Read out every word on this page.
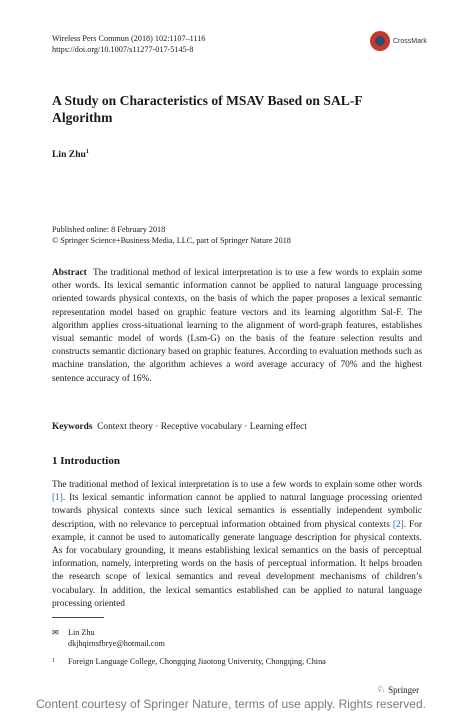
Wireless Pers Commun (2018) 102:1107–1116
https://doi.org/10.1007/s11277-017-5145-8
CrossMark
A Study on Characteristics of MSAV Based on SAL-F Algorithm
Lin Zhu$^1$
Published online: 8 February 2018
© Springer Science+Business Media, LLC, part of Springer Nature 2018
Abstract The traditional method of lexical interpretation is to use a few words to explain some other words. Its lexical semantic information cannot be applied to natural language processing oriented towards physical contexts, on the basis of which the paper proposes a lexical semantic representation model based on graphic feature vectors and its learning algorithm Sal-F. The algorithm applies cross-situational learning to the alignment of word-graph features, establishes visual semantic model of words (Lsm-G) on the basis of the feature selection results and constructs semantic dictionary based on graphic features. According to evaluation methods such as machine translation, the algorithm achieves a word average accuracy of 70% and the highest sentence accuracy of 16%.
Keywords Context theory · Receptive vocabulary · Learning effect
1 Introduction
The traditional method of lexical interpretation is to use a few words to explain some other words [1]. Its lexical semantic information cannot be applied to natural language processing oriented towards physical contexts since such lexical semantics is essentially independent symbolic description, with no relevance to perceptual information obtained from physical contexts [2]. For example, it cannot be used to automatically generate language description for physical contexts. As for vocabulary grounding, it means establishing lexical semantics on the basis of perceptual information, namely, interpreting words on the basis of perceptual information. It helps broaden the research scope of lexical semantics and reveal development mechanisms of children’s vocabulary. In addition, the lexical semantics established can be applied to natural language processing oriented
✉ Lin Zhu
dkjhqirnsfbrye@hotmail.com
1 Foreign Language College, Chongqing Jiaotong University, Chongqing, China
♘ Springer
Content courtesy of Springer Nature, terms of use apply. Rights reserved.
